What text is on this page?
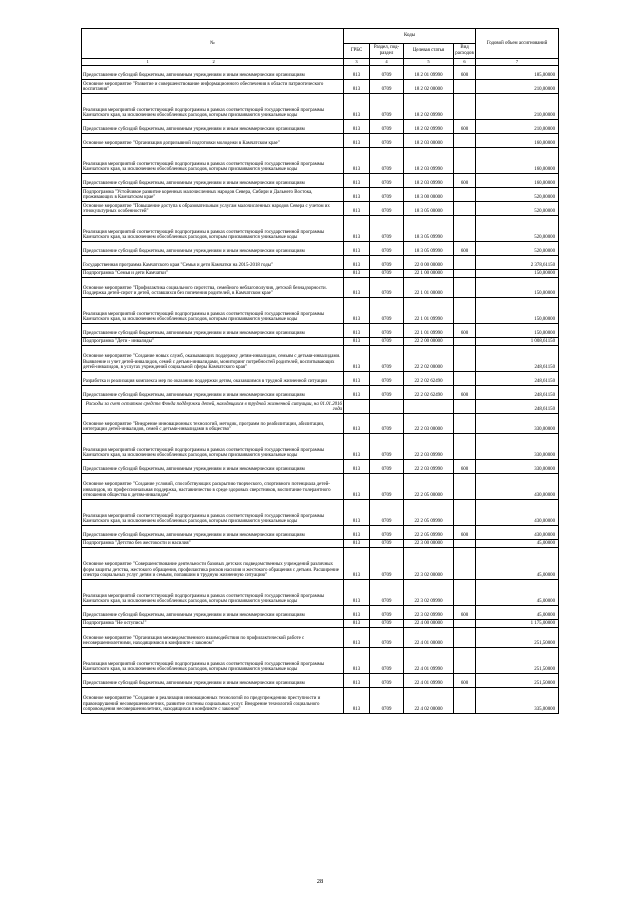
№	Коды				Годовой объем ассигнований
	ГРБС	Раздел, под- раздел	Целевая статья	Вид расходов	
1 2	3	4	5	6	7
Предоставление субсидий бюджетным, автономным учреждениям и иным некоммерческим организациям	813	0709	18 2 01 09990	600	185,00000
Основное мероприятие "Развитие и совершенствование информационного обеспечения в области патриотического воспитания"	813	0709	18 2 02 00000		210,00000
Реализация мероприятий соответствующей подпрограммы в рамках соответствующей государственной программы Камчатского края, за исключением обособленных расходов, которым присваиваются уникальные коды	813	0709	18 2 02 09990		210,00000
Предоставление субсидий бюджетным, автономным учреждениям и иным некоммерческим организациям	813	0709	18 2 02 09990	600	210,00000
Основное мероприятие "Организация допризывной подготовки молодежи в Камчатском крае"	813	0709	18 2 03 00000		160,00000
Реализация мероприятий соответствующей подпрограммы в рамках соответствующей государственной программы Камчатского края, за исключением обособленных расходов, которым присваиваются уникальные коды	813	0709	18 2 03 09990		160,00000
Предоставление субсидий бюджетным, автономным учреждениям и иным некоммерческим организациям	813	0709	18 2 03 09990	600	160,00000
Подпрограмма "Устойчивое развитие коренных малочисленных народов Севера, Сибири и Дальнего Востока, проживающих в Камчатском крае"	813	0709	18 3 00 00000		520,00000
Основное мероприятие "Повышение доступа к образовательным услугам малочисленных народов Севера с учетом их этнокультурных особенностей"	813	0709	18 3 05 00000		520,00000
Реализация мероприятий соответствующей подпрограммы в рамках соответствующей государственной программы Камчатского края, за исключением обособленных расходов, которым присваиваются уникальные коды	813	0709	18 3 05 09990		520,00000
Предоставление субсидий бюджетным, автономным учреждениям и иным некоммерческим организациям	813	0709	18 3 05 09990	600	520,00000
Государственная программа Камчатского края "Семья и дети Камчатки на 2015-2018 годы"	813	0709	22 0 00 00000		2 378,61150
Подпрограмма "Семья и дети Камчатки"	813	0709	22 1 00 00000		150,00000
Основное мероприятие "Профилактика социального сиротства, семейного неблагополучия, детской безнадзорности. Поддержка детей-сирот и детей, оставшихся без попечения родителей, в Камчатском крае"	813	0709	22 1 01 00000		150,00000
Реализация мероприятий соответствующей подпрограммы в рамках соответствующей государственной программы Камчатского края, за исключением обособленных расходов, которым присваиваются уникальные коды	813	0709	22 1 01 09990		150,00000
Предоставление субсидий бюджетным, автономным учреждениям и иным некоммерческим организациям	813	0709	22 1 01 09990	600	150,00000
Подпрограмма "Дети - инвалиды"	813	0709	22 2 00 00000		1 008,61150
Основное мероприятие "Создание новых служб, оказывающих поддержку детям-инвалидам, семьям с детьми-инвалидами. Выявление и учет детей-инвалидов, семей с детьми-инвалидами, мониторинг потребностей родителей, воспитывающих детей-инвалидов, в услугах учреждений социальной сферы Камчатского края"	813	0709	22 2 02 00000		248,61150
Разработка и реализация комплекса мер по оказанию поддержки детям, оказавшимся в трудной жизненной ситуации	813	0709	22 2 02 62490		248,61150
Предоставление субсидий бюджетным, автономным учреждениям и иным некоммерческим организациям	813	0709	22 2 02 62490	600	248,61150
Расходы за счет остатков средств Фонда поддержки детей, находящихся в трудной жизненной ситуации, на 01.01.2016 года					248,61150
Основное мероприятие "Внедрение инновационных технологий, методик, программ по реабилитации, абилитации, интеграции детей-инвалидов, семей с детьми-инвалидами в общество"	813	0709	22 2 03 00000		330,00000
Реализация мероприятий соответствующей подпрограммы в рамках соответствующей государственной программы Камчатского края, за исключением обособленных расходов, которым присваиваются уникальные коды	813	0709	22 2 03 09990		330,00000
Предоставление субсидий бюджетным, автономным учреждениям и иным некоммерческим организациям	813	0709	22 2 03 09990	600	330,00000
Основное мероприятие "Создание условий, способствующих раскрытию творческого, спортивного потенциала детей-инвалидов, их профессиональная поддержка, наставничество в среде здоровых сверстников, воспитание толерантного отношения общества к детям-инвалидам"	813	0709	22 2 05 00000		430,00000
Реализация мероприятий соответствующей подпрограммы в рамках соответствующей государственной программы Камчатского края, за исключением обособленных расходов, которым присваиваются уникальные коды	813	0709	22 2 05 09990		430,00000
Предоставление субсидий бюджетным, автономным учреждениям и иным некоммерческим организациям	813	0709	22 2 05 09990	600	430,00000
Подпрограмма "Детство без жестокости и насилия"	813	0709	22 3 00 00000		45,00000
Основное мероприятие "Совершенствование деятельности базовых детских подведомственных учреждений различных форм защиты детства, жестокого обращения, профилактика рисков насилия и жестокого обращения с детьми. Расширение спектра социальных услуг детям и семьям, попавшим в трудную жизненную ситуацию"	813	0709	22 3 02 00000		45,00000
Реализация мероприятий соответствующей подпрограммы в рамках соответствующей государственной программы Камчатского края, за исключением обособленных расходов, которым присваиваются уникальные коды	813	0709	22 3 02 09990		45,00000
Предоставление субсидий бюджетным, автономным учреждениям и иным некоммерческим организациям	813	0709	22 3 02 09990	600	45,00000
Подпрограмма "Не оступись!"	813	0709	22 4 00 00000		1 175,00000
Основное мероприятие "Организация межведомственного взаимодействия по профилактической работе с несовершеннолетними, находящимися в конфликте с законом"	813	0709	22 4 01 00000		251,50000
Реализация мероприятий соответствующей подпрограммы в рамках соответствующей государственной программы Камчатского края, за исключением обособленных расходов, которым присваиваются уникальные коды	813	0709	22 4 01 09990		251,50000
Предоставление субсидий бюджетным, автономным учреждениям и иным некоммерческим организациям	813	0709	22 4 01 09990	600	251,50000
Основное мероприятие "Создание и реализация инновационных технологий по предупреждению преступности и правонарушений несовершеннолетних, развитие системы социальных услуг. Внедрение технологий социального сопровождения несовершеннолетних, находящихся в конфликте с законом"	813	0709	22 4 02 00000		335,00000
28
